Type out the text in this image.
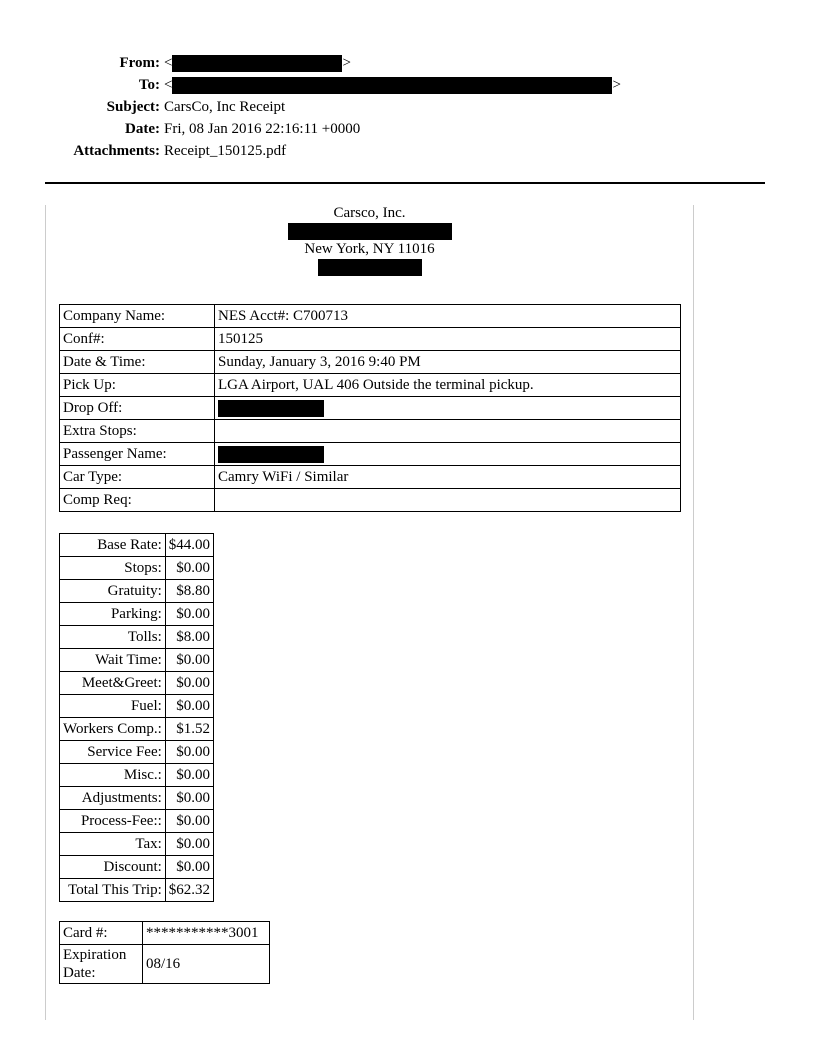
From: <	>
To: <	>
Subject: CarsCo, Inc Receipt
Date: Fri, 08 Jan 2016 22:16:11 +0000
Attachments: Receipt_150125.pdf
Carsco, Inc.
New York, NY 11016
Company Name:	NES Acct#: C700713
Conf#:	150125
Date & Time:	Sunday, January 3, 2016 9:40 PM
Pick Up:	LGA Airport, UAL 406 Outside the terminal pickup.
Drop Off:	
Extra Stops:	
Passenger Name:	
Car Type:	Camry WiFi / Similar
Comp Req:	
Base Rate:	$44.00
Stops:	$0.00
Gratuity:	$8.80
Parking:	$0.00
Tolls:	$8.00
Wait Time:	$0.00
Meet&Greet:	$0.00
Fuel:	$0.00
Workers Comp.:	$1.52
Service Fee:	$0.00
Misc.:	$0.00
Adjustments:	$0.00
Process-Fee::	$0.00
Tax:	$0.00
Discount:	$0.00
Total This Trip:	$62.32
Card #:	***********3001
Expiration
Date:	08/16
